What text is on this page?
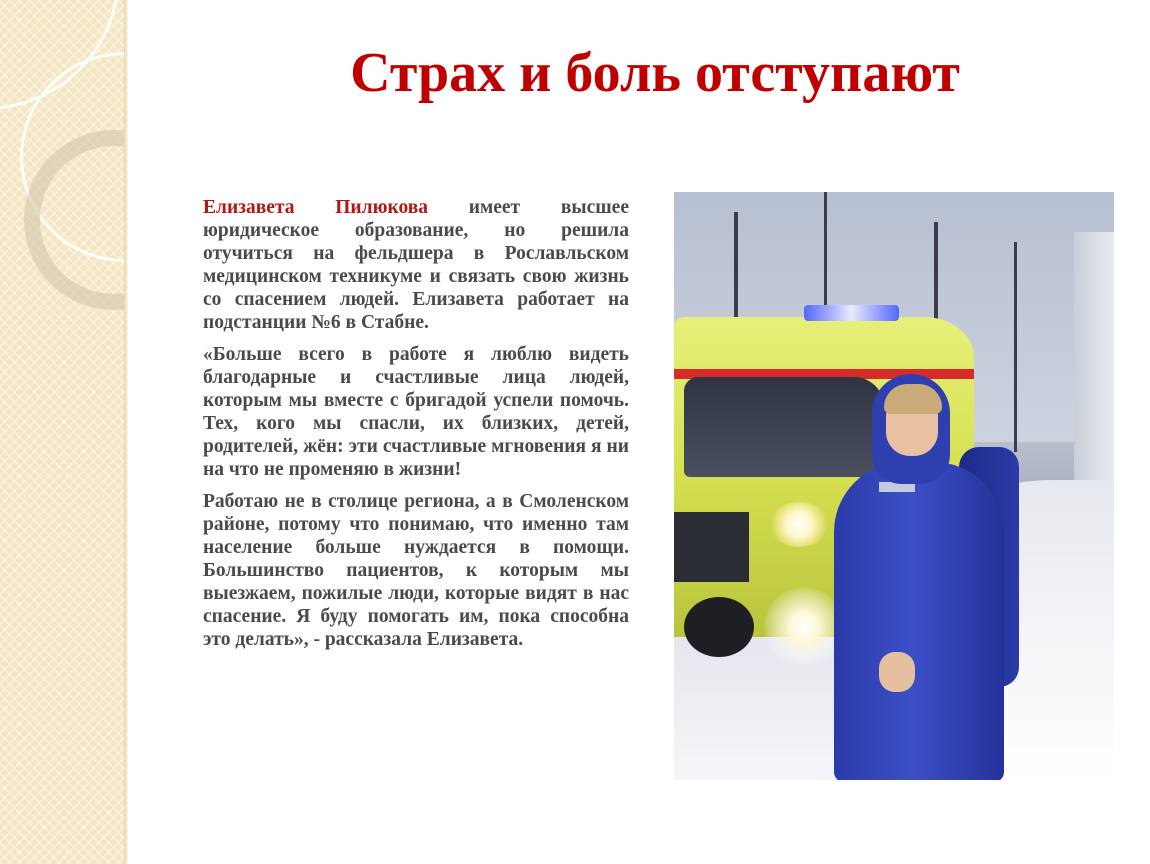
Страх и боль отступают

Елизавета Пилюкова имеет высшее юридическое образование, но решила отучиться на фельдшера в Рославльском медицинском техникуме и связать свою жизнь со спасением людей. Елизавета работает на подстанции №6 в Стабне.

«Больше всего в работе я люблю видеть благодарные и счастливые лица людей, которым мы вместе с бригадой успели помочь. Тех, кого мы спасли, их близких, детей, родителей, жён: эти счастливые мгновения я ни на что не променяю в жизни!

Работаю не в столице региона, а в Смоленском районе, потому что понимаю, что именно там население больше нуждается в помощи. Большинство пациентов, к которым мы выезжаем, пожилые люди, которые видят в нас спасение. Я буду помогать им, пока способна это делать», - рассказала Елизавета.
